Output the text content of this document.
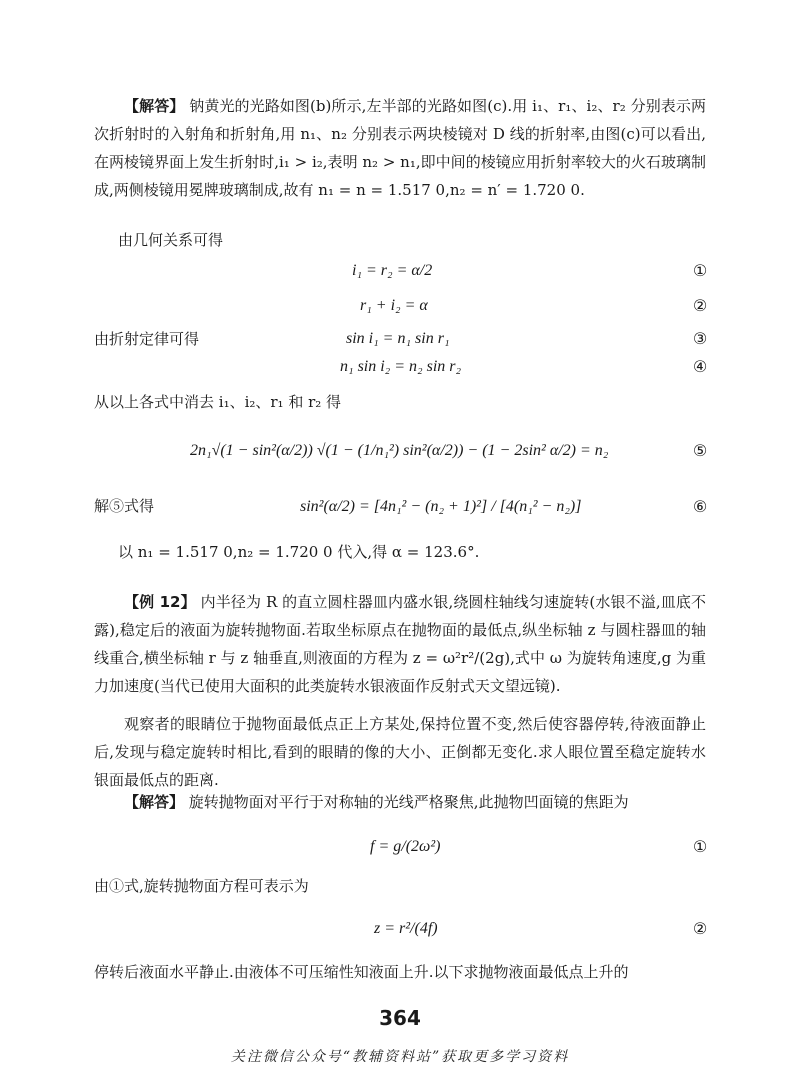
【解答】 钠黄光的光路如图(b)所示,左半部的光路如图(c).用 i₁、r₁、i₂、r₂ 分别表示两次折射时的入射角和折射角,用 n₁、n₂ 分别表示两块棱镜对 D 线的折射率,由图(c)可以看出,在两棱镜界面上发生折射时,i₁ > i₂,表明 n₂ > n₁,即中间的棱镜应用折射率较大的火石玻璃制成,两侧棱镜用冕牌玻璃制成,故有 n₁ = n = 1.517 0,n₂ = n′ = 1.720 0.

由几何关系可得

i₁ = r₂ = α/2	①
r₁ + i₂ = α	②
由折射定律可得	sin i₁ = n₁ sin r₁	③
n₁ sin i₂ = n₂ sin r₂	④
从以上各式中消去 i₁、i₂、r₁ 和 r₂ 得
2n₁√(1 − sin²(α/2)) √(1 − (1/n₁²) sin²(α/2)) − (1 − 2sin² α/2) = n₂	⑤
解⑤式得	sin²(α/2) = [4n₁² − (n₂ + 1)²] / [4(n₁² − n₂)]	⑥

以 n₁ = 1.517 0,n₂ = 1.720 0 代入,得 α = 123.6°.

【例 12】 内半径为 R 的直立圆柱器皿内盛水银,绕圆柱轴线匀速旋转(水银不溢,皿底不露),稳定后的液面为旋转抛物面.若取坐标原点在抛物面的最低点,纵坐标轴 z 与圆柱器皿的轴线重合,横坐标轴 r 与 z 轴垂直,则液面的方程为 z = ω²r²/(2g),式中 ω 为旋转角速度,g 为重力加速度(当代已使用大面积的此类旋转水银液面作反射式天文望远镜).

观察者的眼睛位于抛物面最低点正上方某处,保持位置不变,然后使容器停转,待液面静止后,发现与稳定旋转时相比,看到的眼睛的像的大小、正倒都无变化.求人眼位置至稳定旋转水银面最低点的距离.

【解答】 旋转抛物面对平行于对称轴的光线严格聚焦,此抛物凹面镜的焦距为

f = g/(2ω²)	①

由①式,旋转抛物面方程可表示为

z = r²/(4f)	②

停转后液面水平静止.由液体不可压缩性知液面上升.以下求抛物液面最低点上升的

364
关注微信公众号“教辅资料站”获取更多学习资料
